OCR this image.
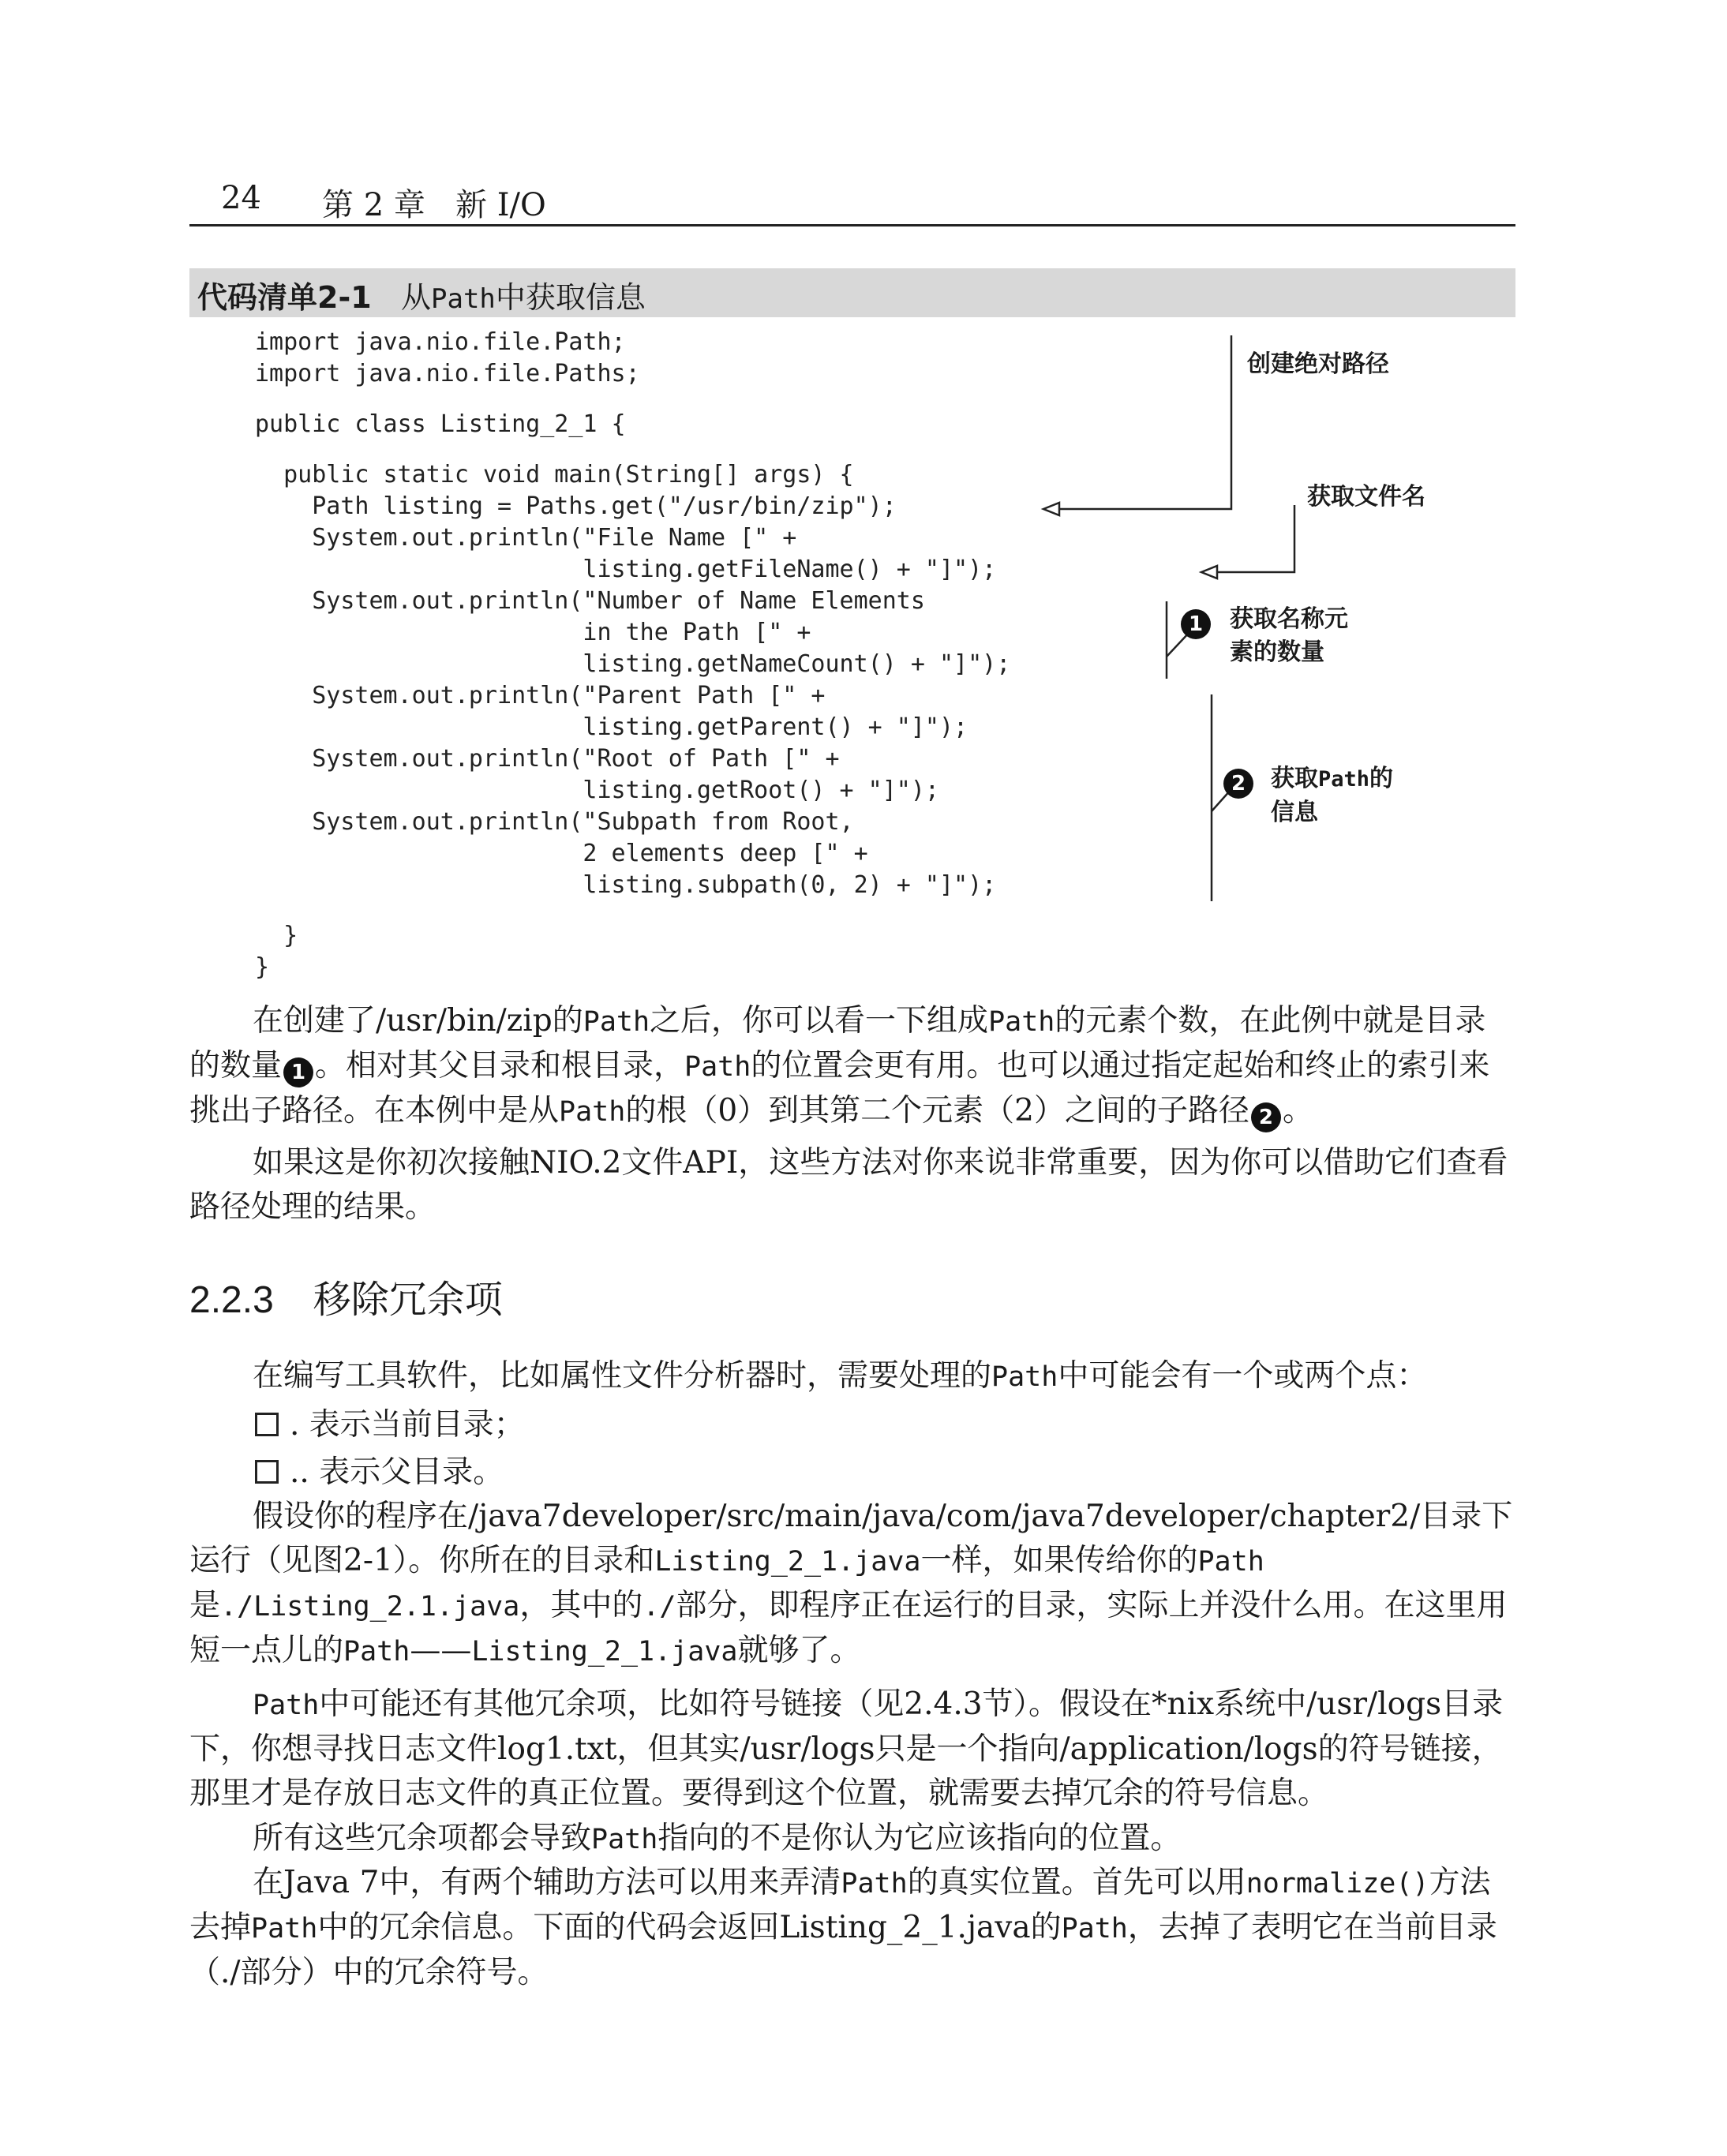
24 第 2 章   新 I/O
代码清单2-1 从Path中获取信息
import java.nio.file.Path;
import java.nio.file.Paths;
public class Listing_2_1 {
public static void main(String[] args) {
Path listing = Paths.get("/usr/bin/zip");
System.out.println("File Name [" +
listing.getFileName() + "]");
System.out.println("Number of Name Elements
in the Path [" +
listing.getNameCount() + "]");
System.out.println("Parent Path [" +
listing.getParent() + "]");
System.out.println("Root of Path [" +
listing.getRoot() + "]");
System.out.println("Subpath from Root,
2 elements deep [" +
listing.subpath(0, 2) + "]");
}
}
创建绝对路径
获取文件名
1	获取名称元
素的数量
2	获取Path的
信息
在创建了/usr/bin/zip的Path之后，你可以看一下组成Path的元素个数，在此例中就是目录的数量 1 。相对其父目录和根目录，Path的位置会更有用。也可以通过指定起始和终止的索引来挑出子路径。在本例中是从Path的根（0）到其第二个元素（2）之间的子路径 2 。
如果这是你初次接触NIO.2文件API，这些方法对你来说非常重要，因为你可以借助它们查看路径处理的结果。
2.2.3 移除冗余项
在编写工具软件，比如属性文件分析器时，需要处理的Path中可能会有一个或两个点：
. 表示当前目录；
.. 表示父目录。
假设你的程序在/java7developer/src/main/java/com/java7developer/chapter2/目录下运行（见图2-1）。你所在的目录和Listing_2_1.java一样，如果传给你的Path是./Listing_2.1.java，其中的./部分，即程序正在运行的目录，实际上并没什么用。在这里用短一点儿的Path——Listing_2_1.java就够了。
Path中可能还有其他冗余项，比如符号链接（见2.4.3节）。假设在*nix系统中/usr/logs目录下，你想寻找日志文件log1.txt，但其实/usr/logs只是一个指向/application/logs的符号链接，那里才是存放日志文件的真正位置。要得到这个位置，就需要去掉冗余的符号信息。
所有这些冗余项都会导致Path指向的不是你认为它应该指向的位置。
在Java 7中，有两个辅助方法可以用来弄清Path的真实位置。首先可以用normalize()方法去掉Path中的冗余信息。下面的代码会返回Listing_2_1.java的Path，去掉了表明它在当前目录（./部分）中的冗余符号。
